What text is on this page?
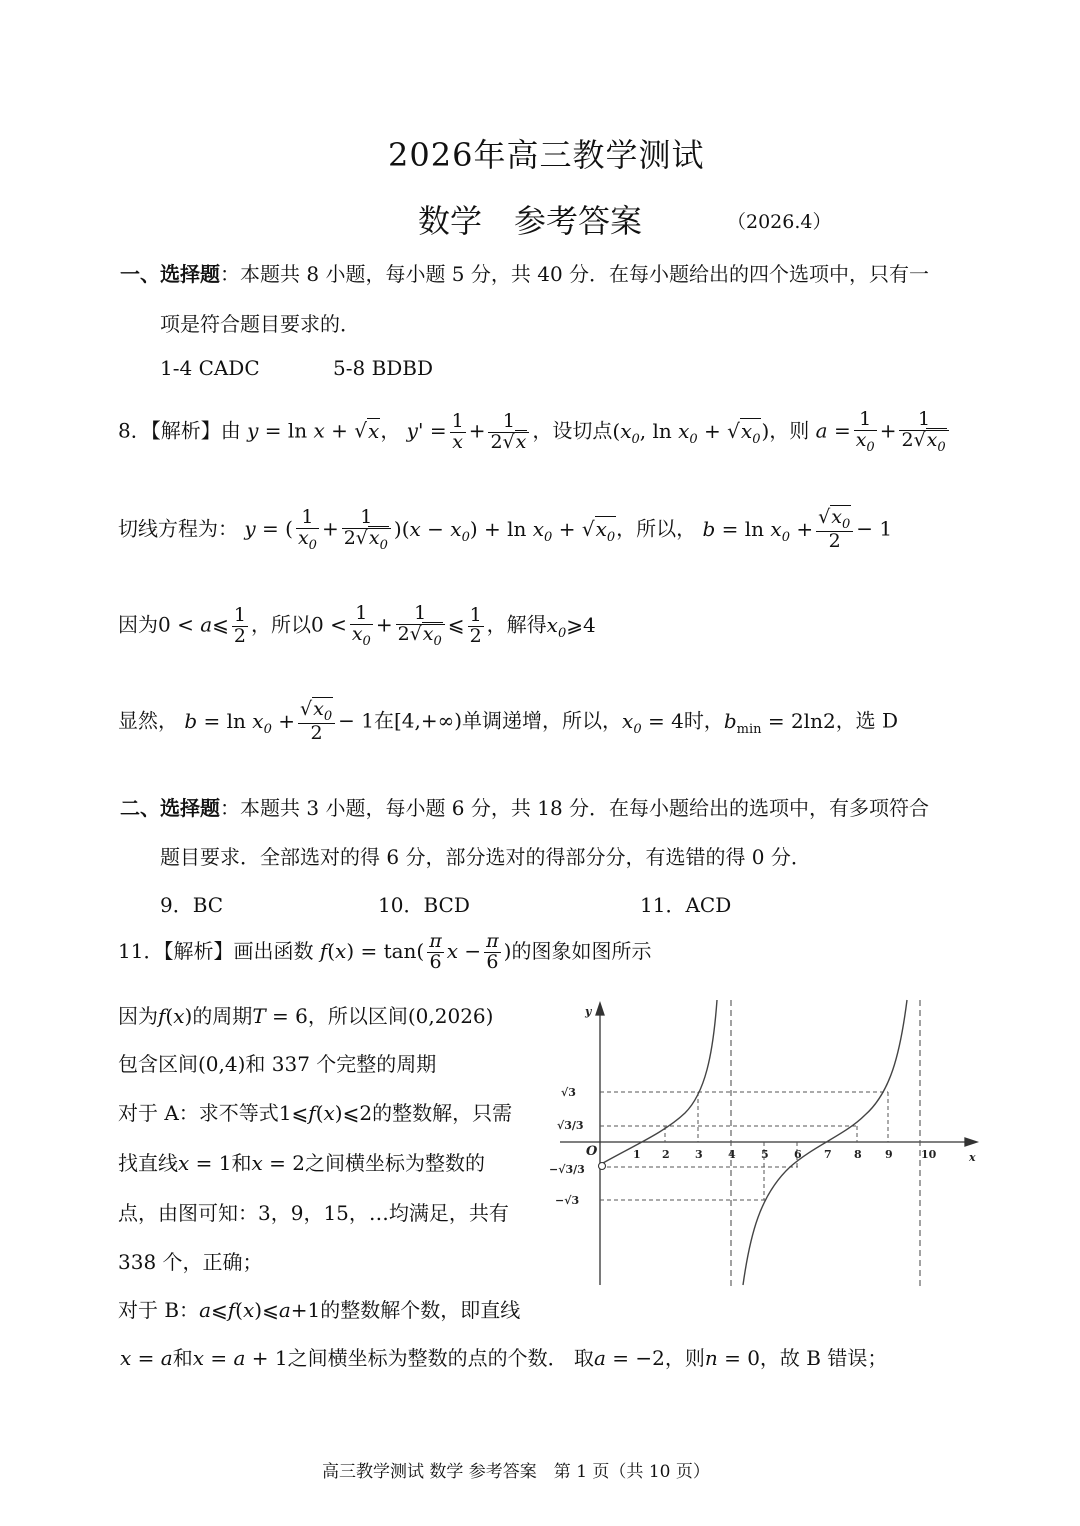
2026年高三教学测试
数学　参考答案	（2026.4）
一、选择题：本题共 8 小题，每小题 5 分，共 40 分．在每小题给出的四个选项中，只有一
项是符合题目要求的．
1-4 CADC	5-8 BDBD
8．【解析】由 y = ln x + √x， $y' = \frac{1}{x} + \frac{1}{2√x}$ ，设切点($x_0$, $\ln x_0 + √x_0$)，则 $a = \frac{1}{x_0} + \frac{1}{2√x_0}$
切线方程为： y = ( $\frac{1}{x_0} + \frac{1}{2√x_0} )(x - x_0) + \ln x_0 + √x_0$，所以， $b = \ln x_0 + \frac{√x_0}{2} - 1$
因为0 < a⩽ $\frac{1}{2}$ ，所以$0 < \frac{1}{x_0} + \frac{1}{2√x_0}$ ⩽ $\frac{1}{2}$ ，解得$x_0⩾4$
显然， $b = \ln x_0 + \frac{√x_0}{2} - 1$在[4,+∞)单调递增，所以，$x_0 = 4$时，$b_{min} = 2\ln 2$，选 D
二、选择题：本题共 3 小题，每小题 6 分，共 18 分．在每小题给出的选项中，有多项符合
题目要求．全部选对的得 6 分，部分选对的得部分分，有选错的得 0 分．
9．BC	10．BCD	11．ACD
11．【解析】画出函数 $f(x) = \tan( \frac{\pi}{6}$ $x - \frac{\pi}{6}$ )的图象如图所示
因为f(x)的周期T = 6，所以区间(0,2026)
包含区间(0,4)和 337 个完整的周期
对于 A：求不等式1⩽f(x)⩽2的整数解，只需
找直线x = 1和x = 2之间横坐标为整数的
点，由图可知：3，9，15，…均满足，共有
338 个，正确；
对于 B：a⩽f(x)⩽a+1的整数解个数，即直线
x = a和x = a + 1之间横坐标为整数的点的个数． 取a = −2，则n = 0，故 B 错误；
y
x
O	1 2 3 4 5 6 7 8 9	10
√3
√3/3
−√3/3
−√3
高三教学测试 数学 参考答案　第 1 页（共 10 页）
